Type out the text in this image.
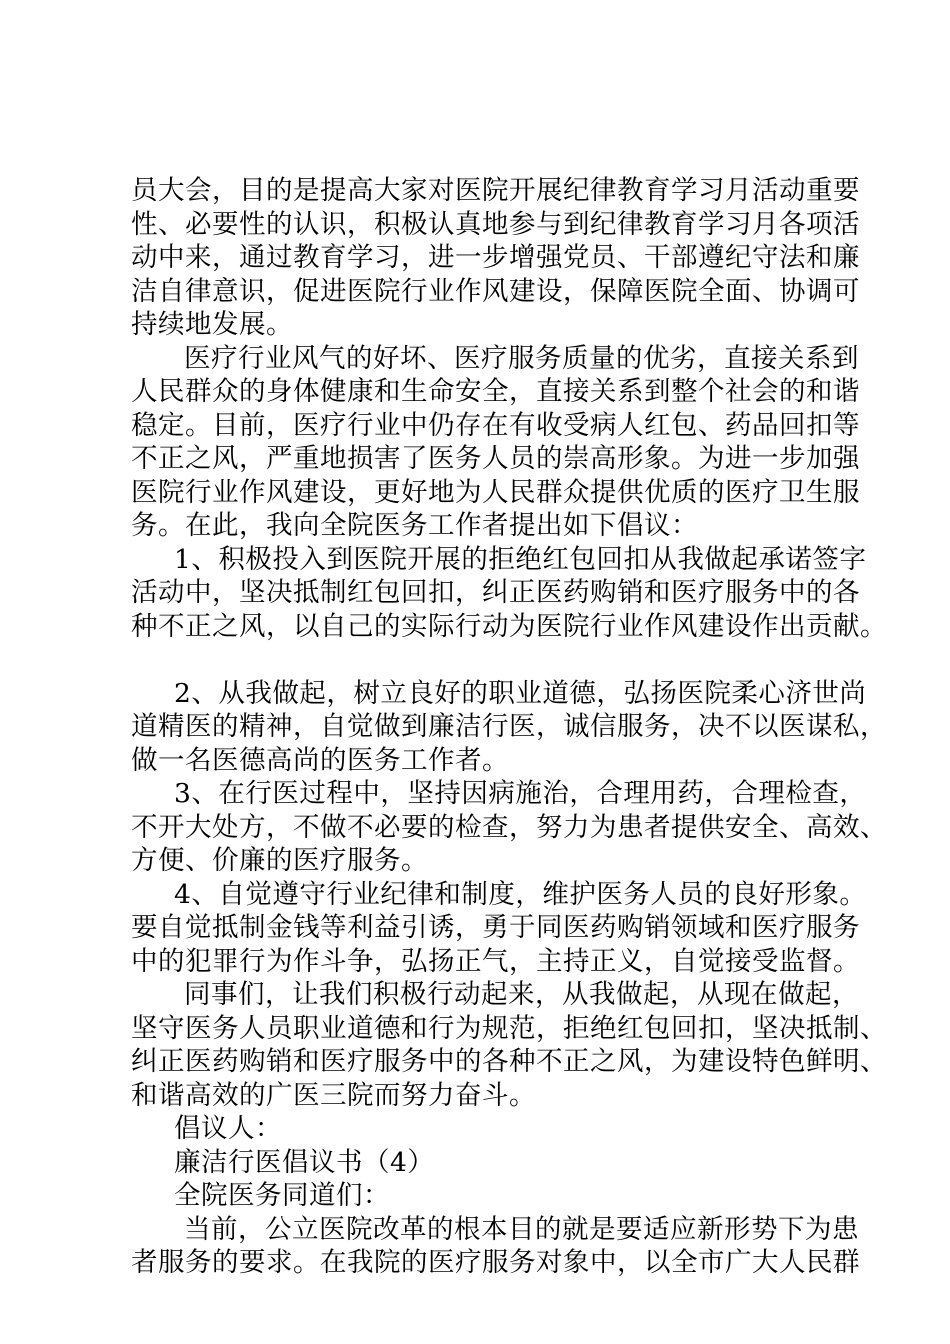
员大会，目的是提高大家对医院开展纪律教育学习月活动重要
性、必要性的认识，积极认真地参与到纪律教育学习月各项活
动中来，通过教育学习，进一步增强党员、干部遵纪守法和廉
洁自律意识，促进医院行业作风建设，保障医院全面、协调可
持续地发展。
医疗行业风气的好坏、医疗服务质量的优劣，直接关系到
人民群众的身体健康和生命安全，直接关系到整个社会的和谐
稳定。目前，医疗行业中仍存在有收受病人红包、药品回扣等
不正之风，严重地损害了医务人员的崇高形象。为进一步加强
医院行业作风建设，更好地为人民群众提供优质的医疗卫生服
务。在此，我向全院医务工作者提出如下倡议：
1、积极投入到医院开展的拒绝红包回扣从我做起承诺签字
活动中，坚决抵制红包回扣，纠正医药购销和医疗服务中的各
种不正之风，以自己的实际行动为医院行业作风建设作出贡献。
2、从我做起，树立良好的职业道德，弘扬医院柔心济世尚
道精医的精神，自觉做到廉洁行医，诚信服务，决不以医谋私，
做一名医德高尚的医务工作者。
3、在行医过程中，坚持因病施治，合理用药，合理检查，
不开大处方，不做不必要的检查，努力为患者提供安全、高效、
方便、价廉的医疗服务。
4、自觉遵守行业纪律和制度，维护医务人员的良好形象。
要自觉抵制金钱等利益引诱，勇于同医药购销领域和医疗服务
中的犯罪行为作斗争，弘扬正气，主持正义，自觉接受监督。
同事们，让我们积极行动起来，从我做起，从现在做起，
坚守医务人员职业道德和行为规范，拒绝红包回扣，坚决抵制、
纠正医药购销和医疗服务中的各种不正之风，为建设特色鲜明、
和谐高效的广医三院而努力奋斗。
倡议人：
廉洁行医倡议书（4）
全院医务同道们：
当前，公立医院改革的根本目的就是要适应新形势下为患
者服务的要求。在我院的医疗服务对象中，以全市广大人民群
